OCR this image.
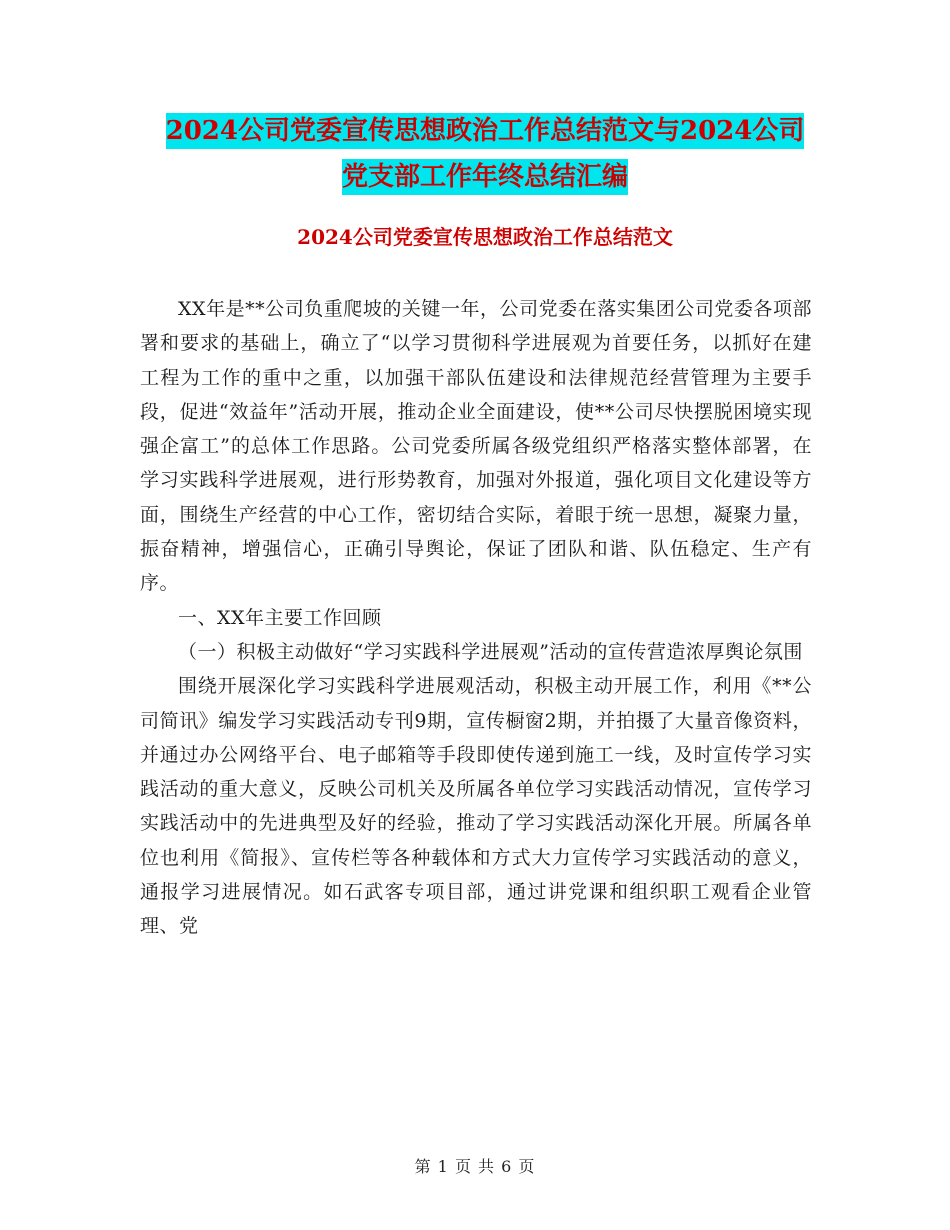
2024公司党委宣传思想政治工作总结范文与2024公司
党支部工作年终总结汇编
2024公司党委宣传思想政治工作总结范文

XX年是**公司负重爬坡的关键一年，公司党委在落实集团公司党委各项部署和要求的基础上，确立了“以学习贯彻科学进展观为首要任务，以抓好在建工程为工作的重中之重，以加强干部队伍建设和法律规范经营管理为主要手段，促进“效益年”活动开展，推动企业全面建设，使**公司尽快摆脱困境实现强企富工”的总体工作思路。公司党委所属各级党组织严格落实整体部署，在学习实践科学进展观，进行形势教育，加强对外报道，强化项目文化建设等方面，围绕生产经营的中心工作，密切结合实际，着眼于统一思想，凝聚力量，振奋精神，增强信心，正确引导舆论，保证了团队和谐、队伍稳定、生产有序。

一、XX年主要工作回顾

（一）积极主动做好“学习实践科学进展观”活动的宣传营造浓厚舆论氛围

围绕开展深化学习实践科学进展观活动，积极主动开展工作，利用《**公司简讯》编发学习实践活动专刊9期，宣传橱窗2期，并拍摄了大量音像资料，并通过办公网络平台、电子邮箱等手段即使传递到施工一线，及时宣传学习实践活动的重大意义，反映公司机关及所属各单位学习实践活动情况，宣传学习实践活动中的先进典型及好的经验，推动了学习实践活动深化开展。所属各单位也利用《简报》、宣传栏等各种载体和方式大力宣传学习实践活动的意义，通报学习进展情况。如石武客专项目部，通过讲党课和组织职工观看企业管理、党

第 1 页 共 6 页
